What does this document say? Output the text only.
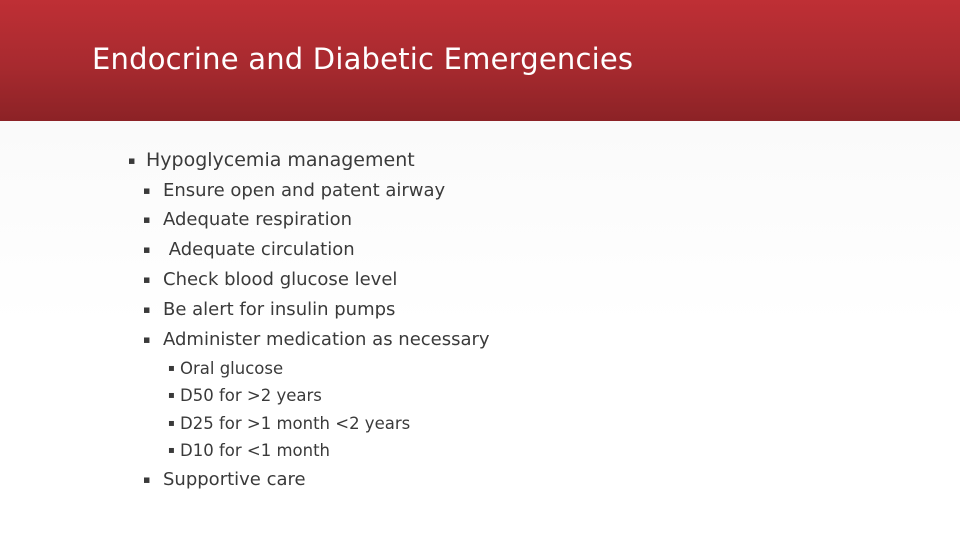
Endocrine and Diabetic Emergencies
▪ Hypoglycemia management
▪ Ensure open and patent airway
▪ Adequate respiration
▪ Adequate circulation
▪ Check blood glucose level
▪ Be alert for insulin pumps
▪ Administer medication as necessary
▪ Oral glucose
▪ D50 for >2 years
▪ D25 for >1 month <2 years
▪ D10 for <1 month
▪ Supportive care
